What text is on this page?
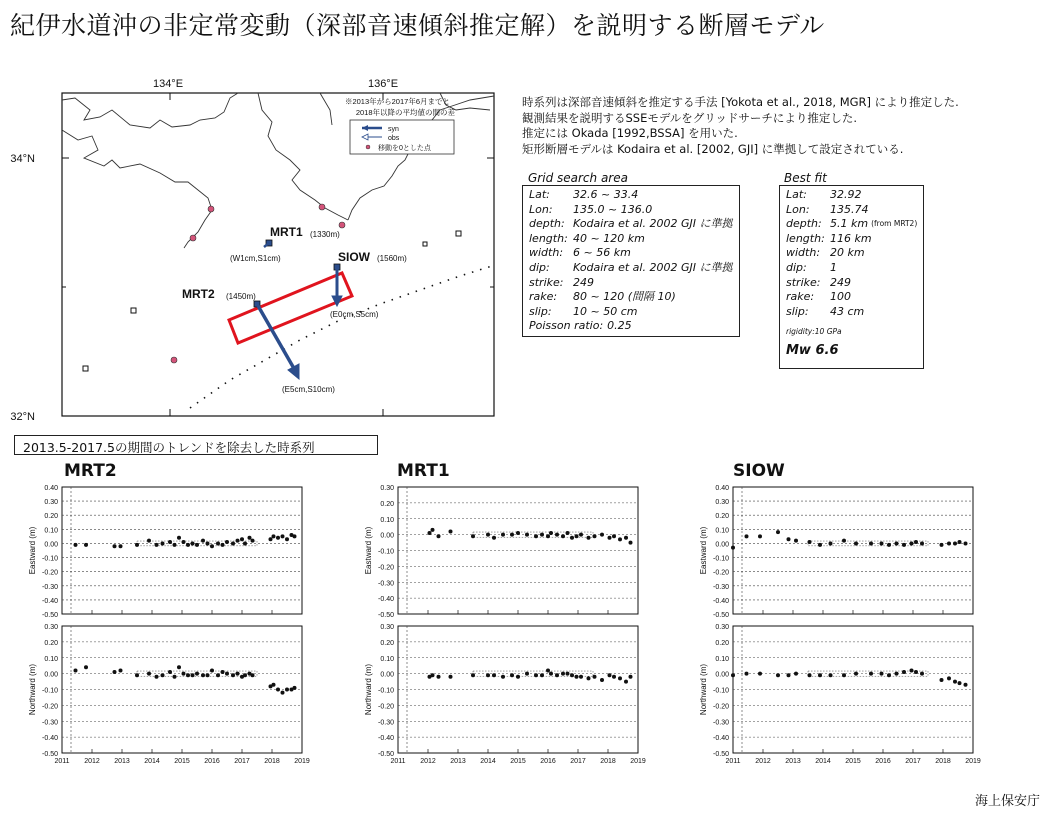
紀伊水道沖の非定常変動（深部音速傾斜推定解）を説明する断層モデル
134°E	136°E
34°N
32°N
MRT1 (1330m)
(W1cm,S1cm)	SIOW (1560m)
(E0cm,S5cm)
MRT2 (1450m)
(E5cm,S10cm)
※2013年から2017年6月までと
2018年以降の平均値の間の差
syn
obs
移動を0とした点
時系列は深部音速傾斜を推定する手法 [Yokota et al., 2018, MGR] により推定した.
観測結果を説明するSSEモデルをグリッドサーチにより推定した.
推定には Okada [1992,BSSA] を用いた.
矩形断層モデルは Kodaira et al. [2002, GJI] に準拠して設定されている.
Grid search area
Lat:	32.6 ~ 33.4
Lon:	135.0 ~ 136.0
depth: Kodaira et al. 2002 GJI に準拠
length: 40 ~ 120 km
width: 6 ~ 56 km
dip:	Kodaira et al. 2002 GJI に準拠
strike: 249
rake:	80 ~ 120 (間隔 10)
slip:	10 ~ 50 cm
Poisson ratio: 0.25
Best fit
Lat:	32.92
Lon:	135.74
depth: 5.1 km (from MRT2)
length: 116 km
width: 20 km
dip:	1
strike: 249
rake:	100
slip:	43 cm
rigidity:10 GPa
Mw 6.6
2013.5-2017.5の期間のトレンドを除去した時系列
MRT2	MRT1	SIOW
0.40
0.30
0.20
0.10
0.00
-0.10
-0.20
-0.30
-0.40
-0.50
Eastward (m)
0.30
0.20
0.10
0.00
-0.10
-0.20
-0.30
-0.40
-0.50
2011 2012 2013 2014 2015 2016 2017 2018 2019
Northward (m)
0.30
0.20
0.10
0.00
-0.10
-0.20
-0.30
-0.40
-0.50
Eastward (m)
0.30
0.20
0.10
0.00
-0.10
-0.20
-0.30
-0.40
-0.50
2011 2012 2013 2014 2015 2016 2017 2018 2019
Northward (m)
0.40
0.30
0.20
0.10
0.00
-0.10
-0.20
-0.30
-0.40
-0.50
Eastward (m)
0.30
0.20
0.10
0.00
-0.10
-0.20
-0.30
-0.40
-0.50
2011 2012 2013 2014 2015 2016 2017 2018 2019
Northward (m)
海上保安庁
